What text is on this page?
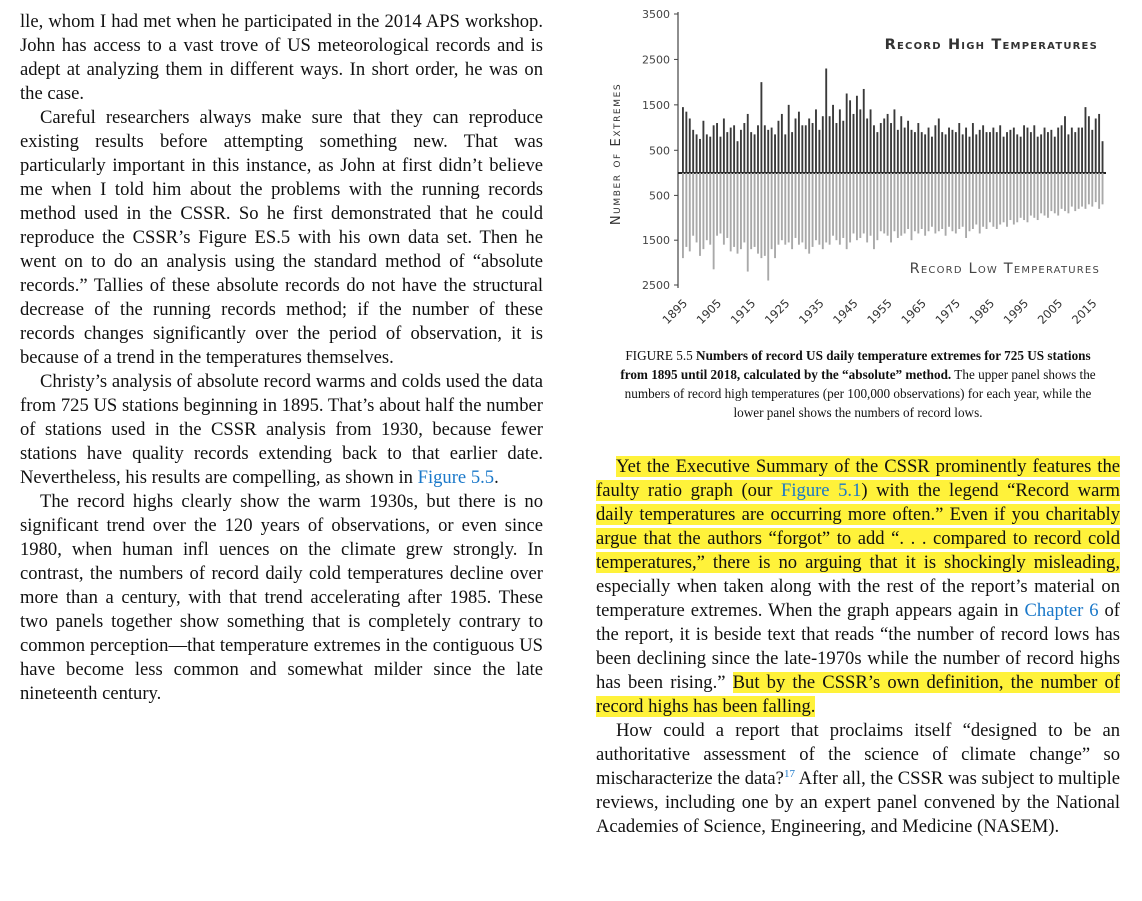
lle, whom I had met when he participated in the 2014 APS workshop. John has access to a vast trove of US meteorological records and is adept at analyzing them in different ways. In short order, he was on the case.

Careful researchers always make sure that they can reproduce existing results before attempting something new. That was particularly important in this instance, as John at first didn’t believe me when I told him about the problems with the running records method used in the CSSR. So he first demonstrated that he could reproduce the CSSR’s Figure ES.5 with his own data set. Then he went on to do an analysis using the standard method of “absolute records.” Tallies of these absolute records do not have the structural decrease of the running records method; if the number of these records changes significantly over the period of observation, it is because of a trend in the temperatures themselves.

Christy’s analysis of absolute record warms and colds used the data from 725 US stations beginning in 1895. That’s about half the number of stations used in the CSSR analysis from 1930, because fewer stations have quality records extending back to that earlier date. Nevertheless, his results are compelling, as shown in Figure 5.5.

The record highs clearly show the warm 1930s, but there is no significant trend over the 120 years of observations, or even since 1980, when human infl uences on the climate grew strongly. In contrast, the numbers of record daily cold temperatures decline over more than a century, with that trend accelerating after 1985. These two panels together show something that is completely contrary to common perception—that temperature extremes in the contiguous US have become less common and somewhat milder since the late nineteenth century.

Number of Extremes
3500
2500
1500
500
500
1500
2500
Record High Temperatures
Record Low Temperatures
1895 1905 1915 1925 1935 1945 1955 1965 1975 1985 1995 2005 2015
FIGURE 5.5 Numbers of record US daily temperature extremes for 725 US stations from 1895 until 2018, calculated by the “absolute” method. The upper panel shows the numbers of record high temperatures (per 100,000 observations) for each year, while the lower panel shows the numbers of record lows.

Yet the Executive Summary of the CSSR prominently features the faulty ratio graph (our Figure 5.1) with the legend “Record warm daily temperatures are occurring more often.” Even if you charitably argue that the authors “forgot” to add “. . . compared to record cold temperatures,” there is no arguing that it is shockingly misleading, especially when taken along with the rest of the report’s material on temperature extremes. When the graph appears again in Chapter 6 of the report, it is beside text that reads “the number of record lows has been declining since the late-1970s while the number of record highs has been rising.” But by the CSSR’s own definition, the number of record highs has been falling.

How could a report that proclaims itself “designed to be an authoritative assessment of the science of climate change” so mischaracterize the data?$^{17}$ After all, the CSSR was subject to multiple reviews, including one by an expert panel convened by the National Academies of Science, Engineering, and Medicine (NASEM).
